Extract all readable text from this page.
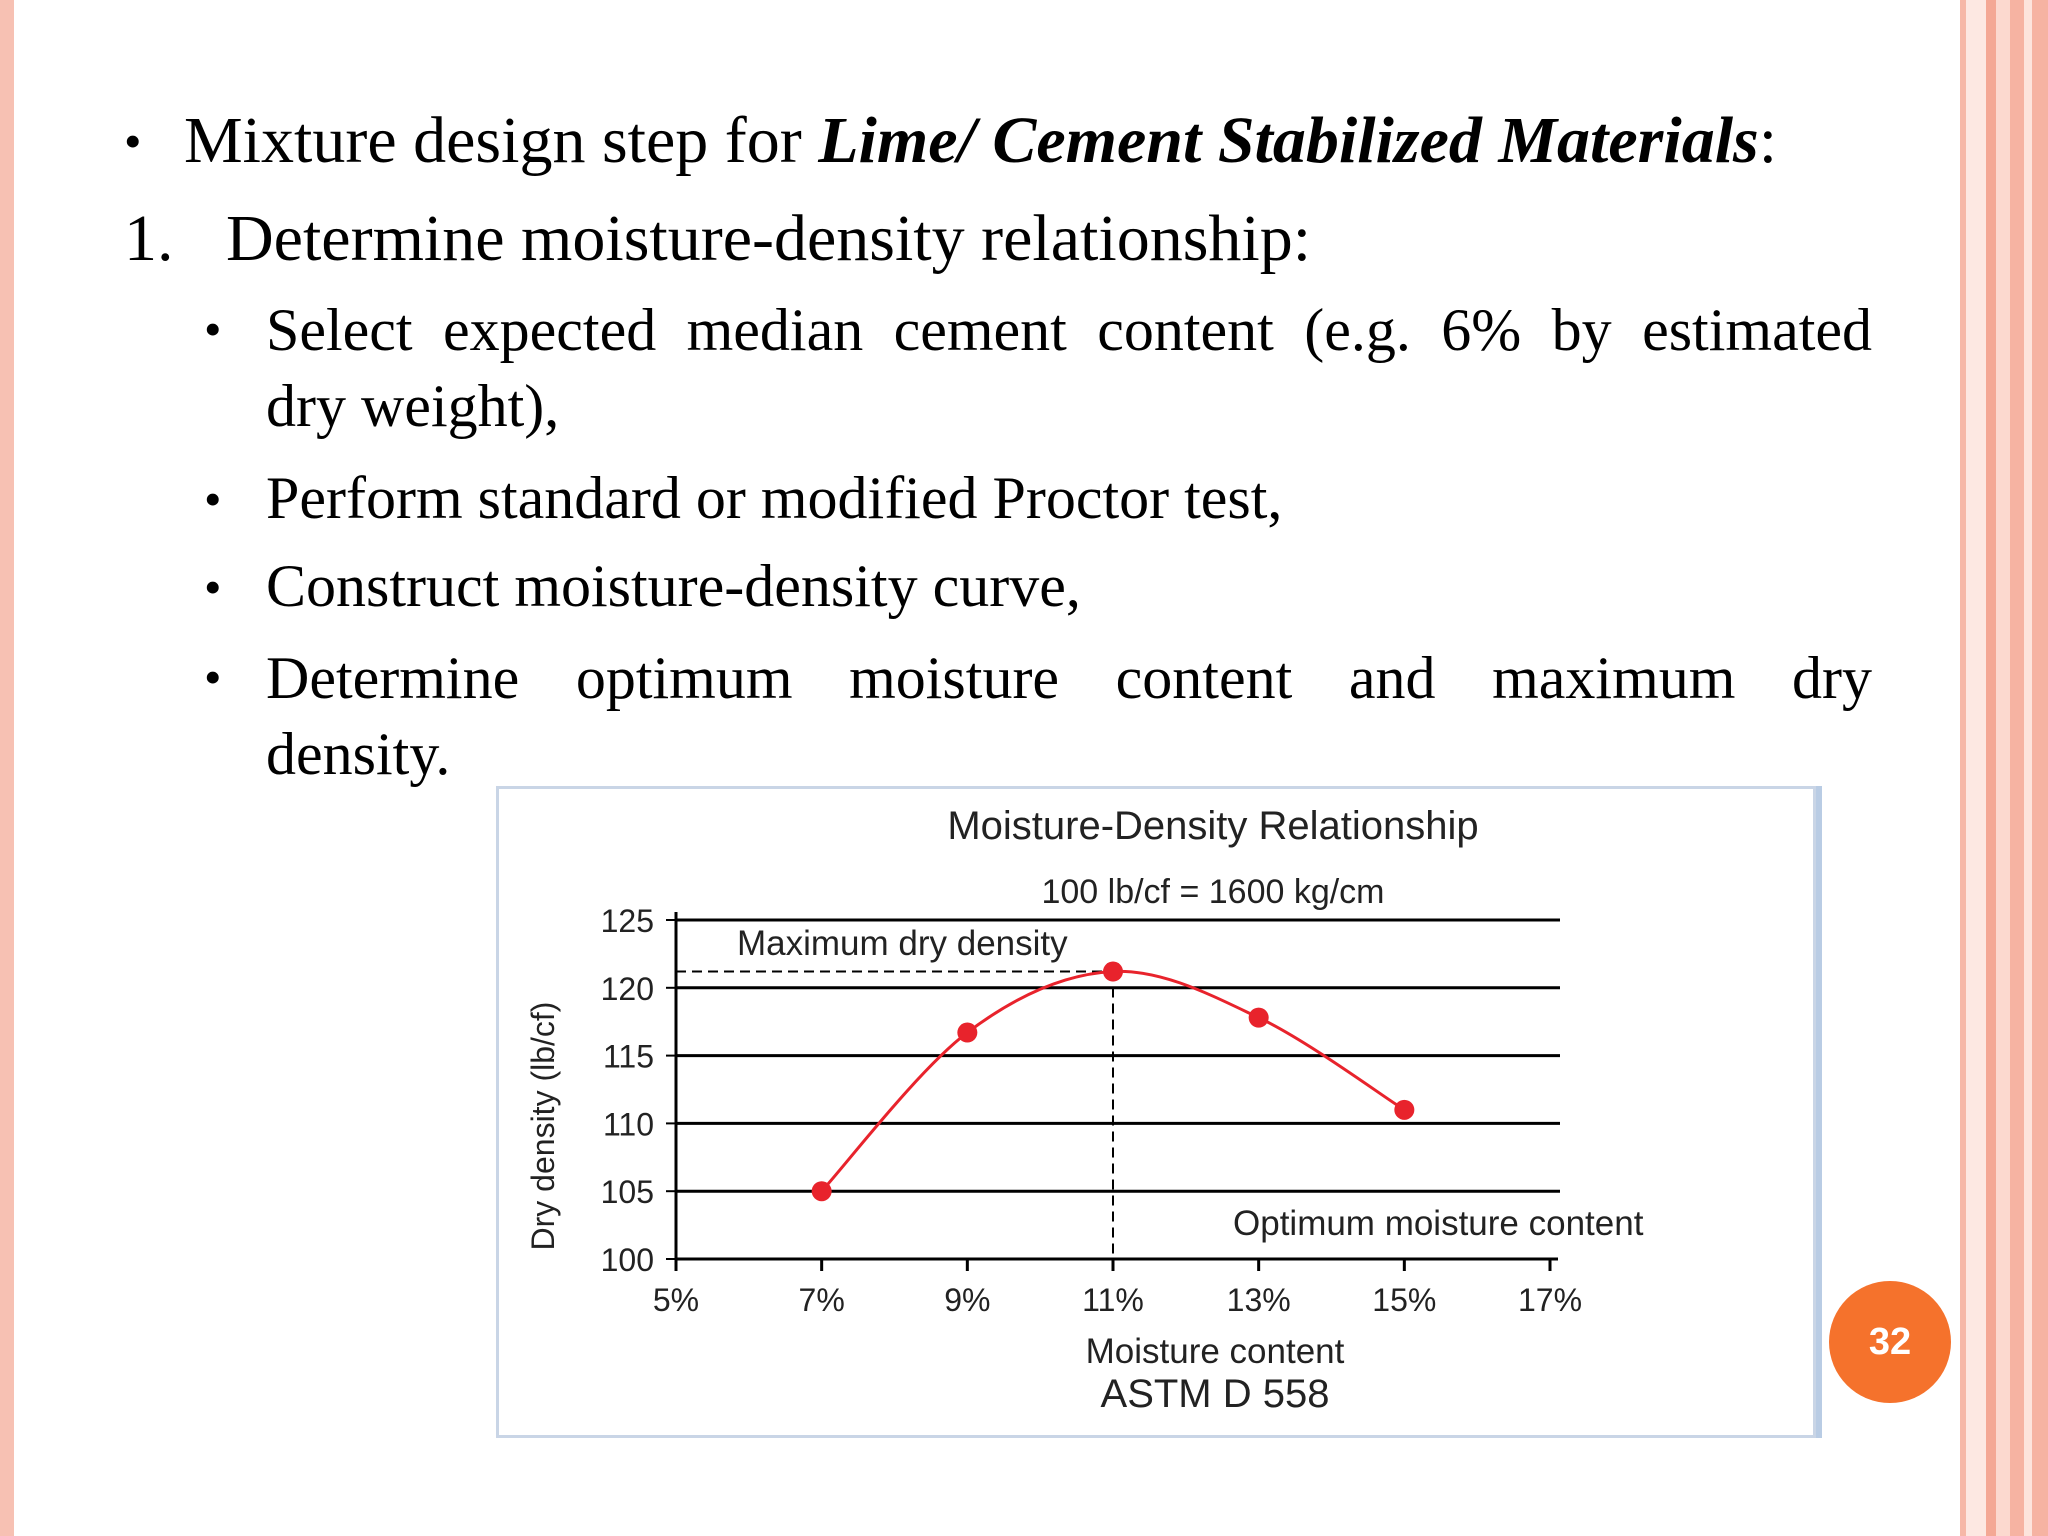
• Mixture design step for Lime/ Cement Stabilized Materials:
1. Determine moisture-density relationship:
• Select expected median cement content (e.g. 6% by estimated
dry weight),
• Perform standard or modified Proctor test,
• Construct moisture-density curve,
• Determine optimum moisture content and maximum dry
density.
100
105
110
115
120
125
5%	7%	9%	11%	13%	15%	17%
Moisture-Density Relationship
100 lb/cf = 1600 kg/cm
Maximum dry density
Optimum moisture content
Moisture content
ASTM D 558
Dry density (lb/cf)
32
